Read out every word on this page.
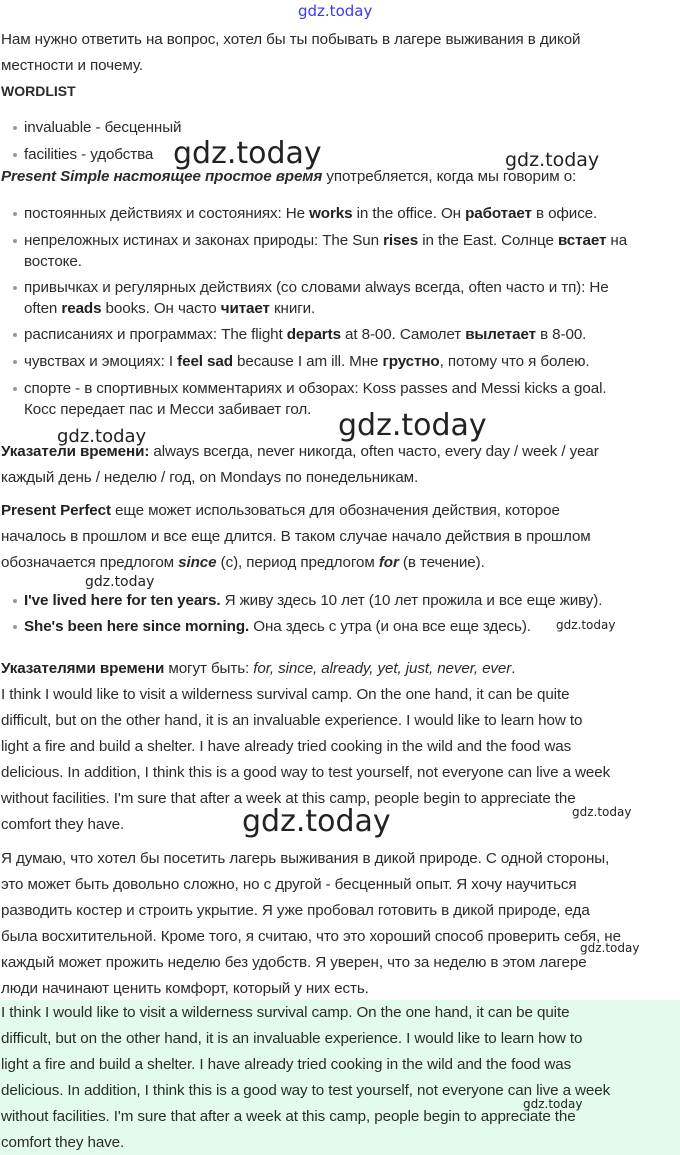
Нам нужно ответить на вопрос, хотел бы ты побывать в лагере выживания в дикой
местности и почему.
WORDLIST
invaluable - бесценный
facilities - удобства
Present Simple настоящее простое время употребляется, когда мы говорим о:
постоянных действиях и состояниях: He works in the office. Он работает в офисе.
непреложных истинах и законах природы: The Sun rises in the East. Солнце встает на
востоке.
привычках и регулярных действиях (со словами always всегда, often часто и тп): He
often reads books. Он часто читает книги.
расписаниях и программах: The flight departs at 8-00. Самолет вылетает в 8-00.
чувствах и эмоциях: I feel sad because I am ill. Мне грустно, потому что я болею.
спорте - в спортивных комментариях и обзорах: Koss passes and Messi kicks a goal.
Косс передает пас и Месси забивает гол.
Указатели времени: always всегда, never никогда, often часто, every day / week / year
каждый день / неделю / год, on Mondays по понедельникам.
Present Perfect еще может использоваться для обозначения действия, которое
началось в прошлом и все еще длится. В таком случае начало действия в прошлом
обозначается предлогом since (с), период предлогом for (в течение).
I've lived here for ten years. Я живу здесь 10 лет (10 лет прожила и все еще живу).
She's been here since morning. Она здесь с утра (и она все еще здесь).
Указателями времени могут быть: for, since, already, yet, just, never, ever.
I think I would like to visit a wilderness survival camp. On the one hand, it can be quite
difficult, but on the other hand, it is an invaluable experience. I would like to learn how to
light a fire and build a shelter. I have already tried cooking in the wild and the food was
delicious. In addition, I think this is a good way to test yourself, not everyone can live a week
without facilities. I'm sure that after a week at this camp, people begin to appreciate the
comfort they have.
Я думаю, что хотел бы посетить лагерь выживания в дикой природе. С одной стороны,
это может быть довольно сложно, но с другой - бесценный опыт. Я хочу научиться
разводить костер и строить укрытие. Я уже пробовал готовить в дикой природе, еда
была восхитительной. Кроме того, я считаю, что это хороший способ проверить себя, не
каждый может прожить неделю без удобств. Я уверен, что за неделю в этом лагере
люди начинают ценить комфорт, который у них есть.
I think I would like to visit a wilderness survival camp. On the one hand, it can be quite
difficult, but on the other hand, it is an invaluable experience. I would like to learn how to
light a fire and build a shelter. I have already tried cooking in the wild and the food was
delicious. In addition, I think this is a good way to test yourself, not everyone can live a week
without facilities. I'm sure that after a week at this camp, people begin to appreciate the
comfort they have.
gdz.today
gdz.today	gdz.today
gdz.today	gdz.today
gdz.today
gdz.today
gdz.today	gdz.today
gdz.today
gdz.today
